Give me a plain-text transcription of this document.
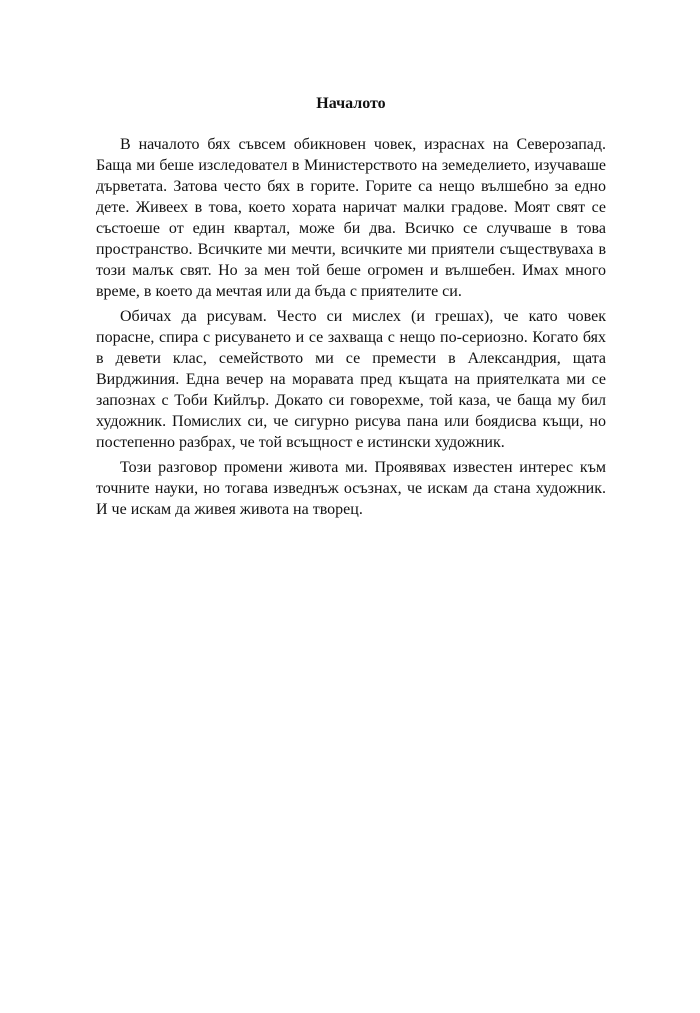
Началото

В началото бях съвсем обикновен човек, израснах на Северозапад. Баща ми беше изследовател в Министерството на земеделието, изучаваше дърветата. Затова често бях в горите. Горите са нещо вълшебно за едно дете. Живеех в това, което хората наричат малки градове. Моят свят се състоеше от един квартал, може би два. Всичко се случваше в това пространство. Всичките ми мечти, всичките ми приятели съществуваха в този малък свят. Но за мен той беше огромен и вълшебен. Имах много време, в което да мечтая или да бъда с приятелите си.

Обичах да рисувам. Често си мислех (и грешах), че като човек порасне, спира с рисуването и се захваща с нещо по-сериозно. Когато бях в девети клас, семейството ми се премести в Александрия, щата Вирджиния. Една вечер на моравата пред къщата на приятелката ми се запознах с Тоби Кийлър. Докато си говорехме, той каза, че баща му бил художник. Помислих си, че сигурно рисува пана или боядисва къщи, но постепенно разбрах, че той всъщност е истински художник.

Този разговор промени живота ми. Проявявах известен интерес към точните науки, но тогава изведнъж осъзнах, че искам да стана художник. И че искам да живея живота на творец.
